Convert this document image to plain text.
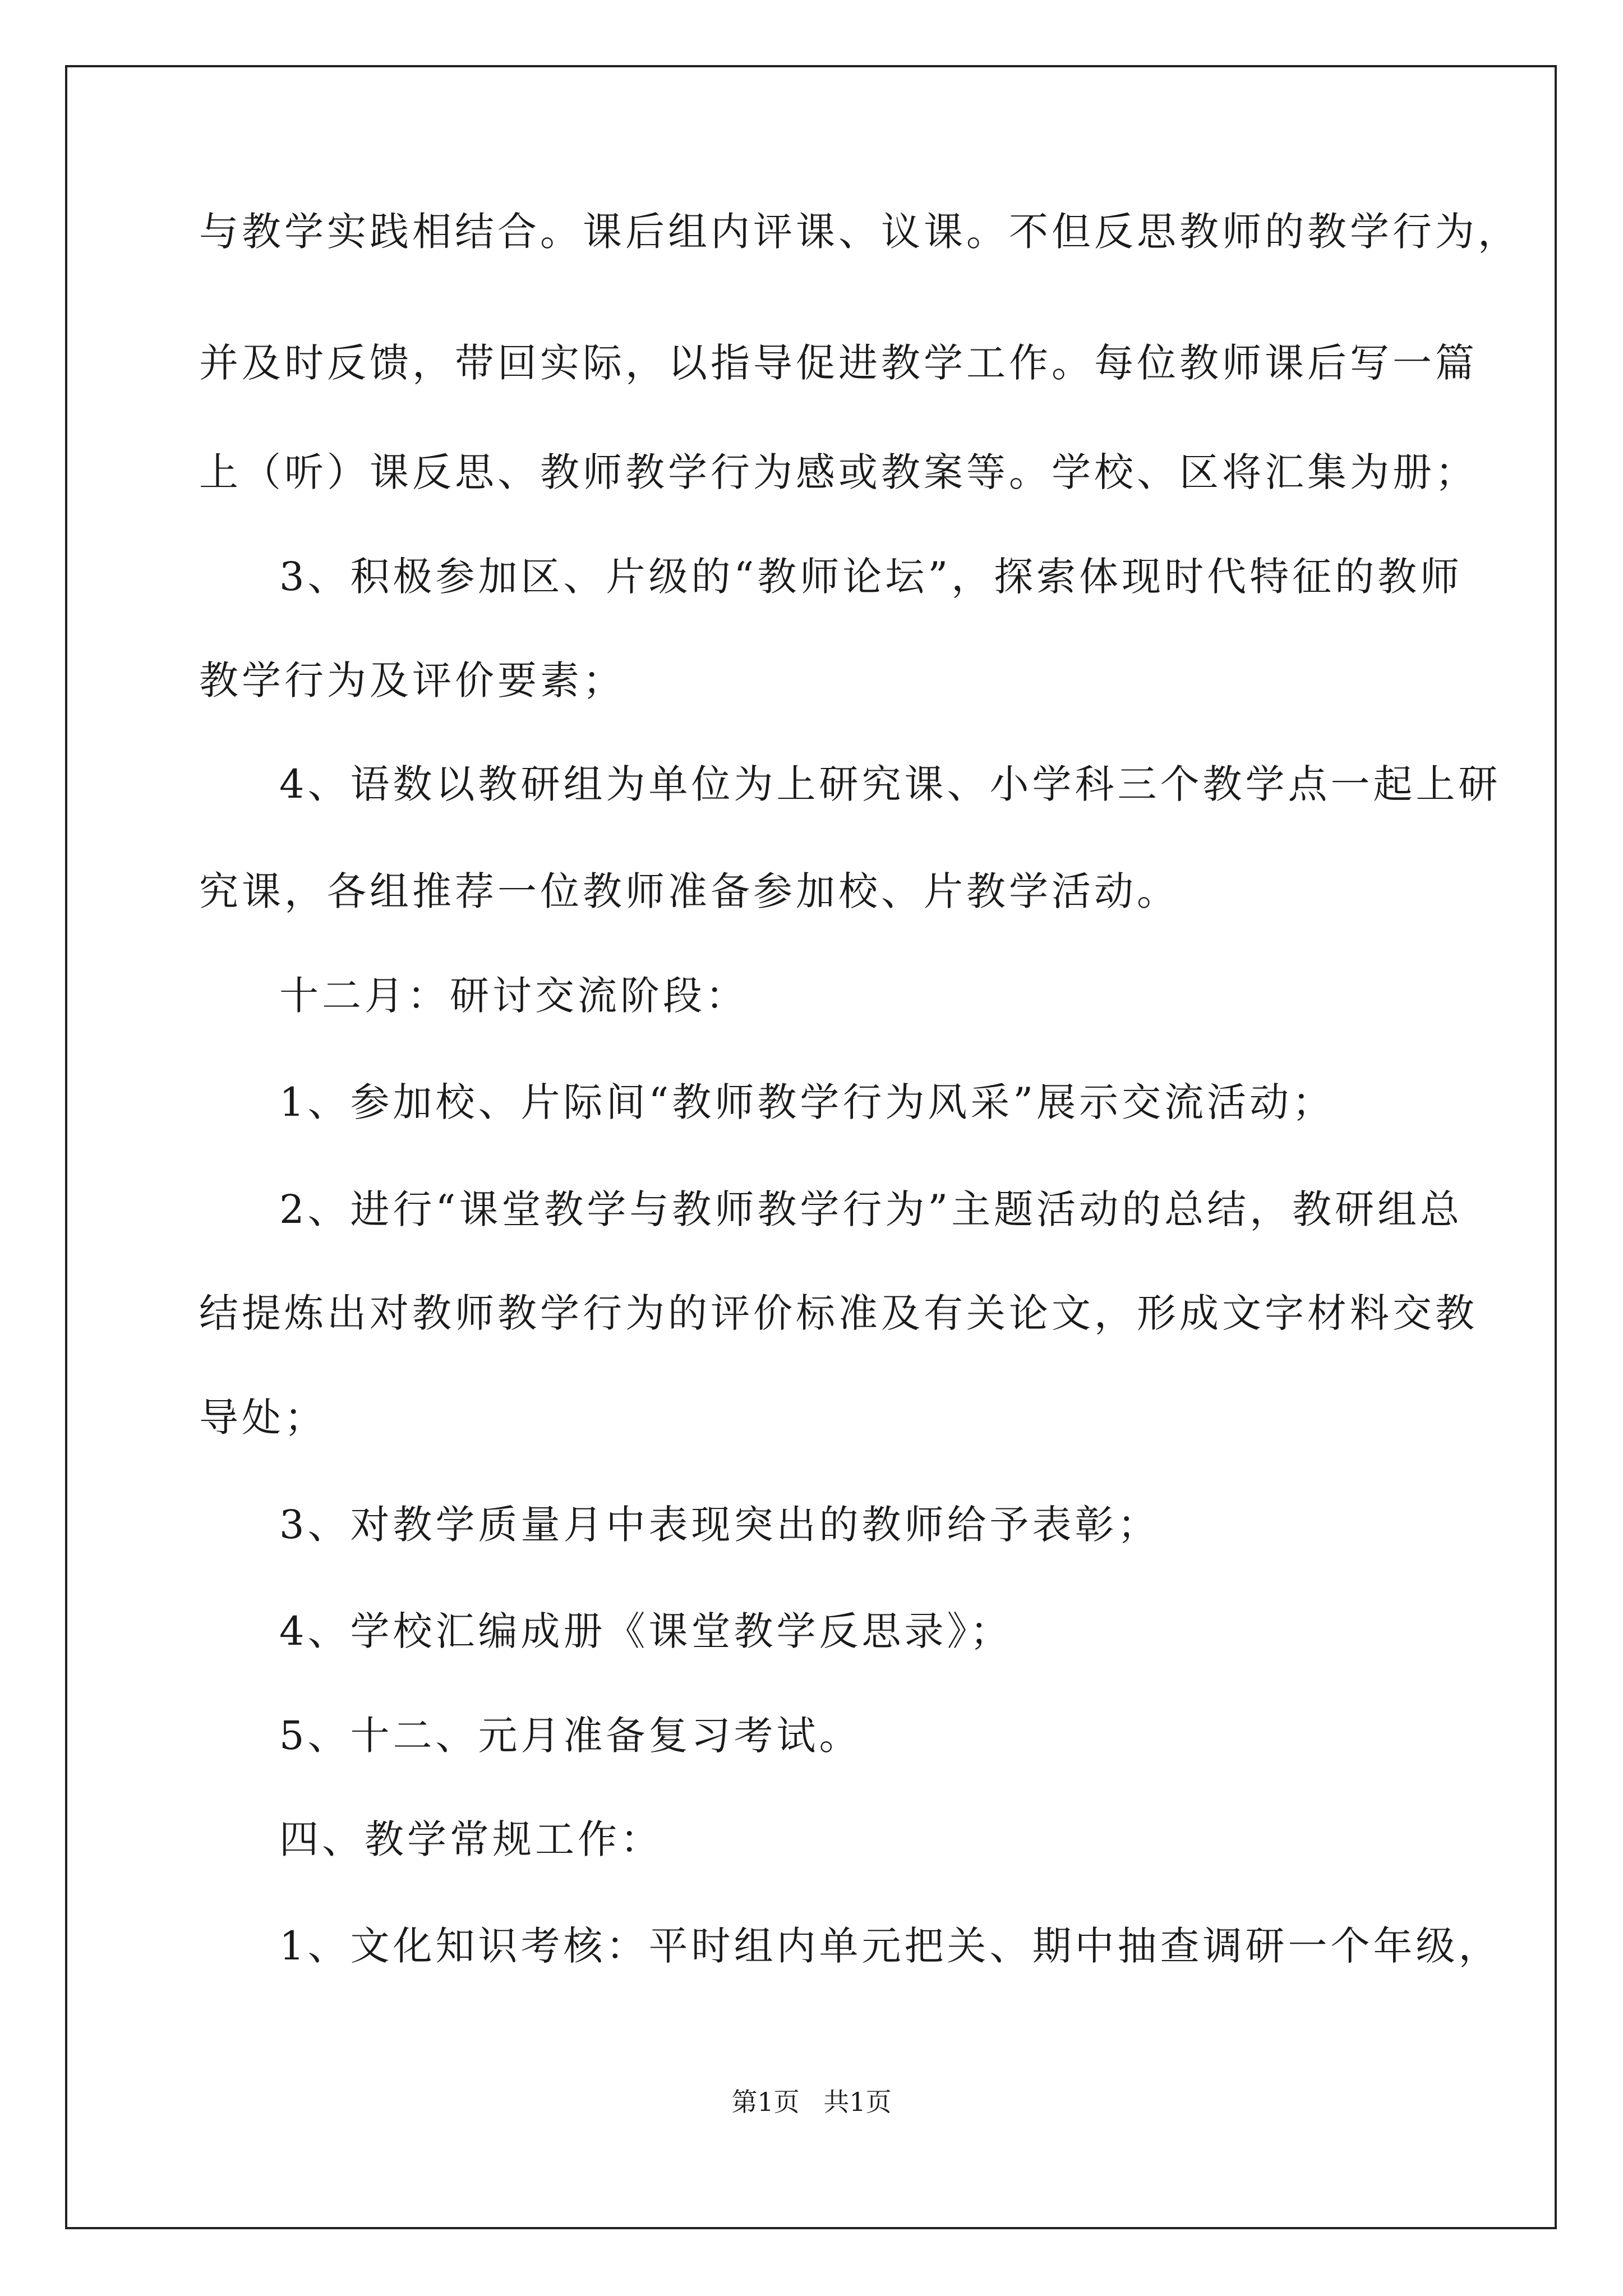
与教学实践相结合。课后组内评课、议课。不但反思教师的教学行为，
并及时反馈，带回实际，以指导促进教学工作。每位教师课后写一篇
上（听）课反思、教师教学行为感或教案等。学校、区将汇集为册；
3、积极参加区、片级的“教师论坛”，探索体现时代特征的教师
教学行为及评价要素；
4、语数以教研组为单位为上研究课、小学科三个教学点一起上研
究课，各组推荐一位教师准备参加校、片教学活动。
十二月：研讨交流阶段：
1、参加校、片际间“教师教学行为风采”展示交流活动；
2、进行“课堂教学与教师教学行为”主题活动的总结，教研组总
结提炼出对教师教学行为的评价标准及有关论文，形成文字材料交教
导处；
3、对教学质量月中表现突出的教师给予表彰；
4、学校汇编成册《课堂教学反思录》；
5、十二、元月准备复习考试。
四、教学常规工作：
1、文化知识考核：平时组内单元把关、期中抽查调研一个年级，
第1页 共1页
